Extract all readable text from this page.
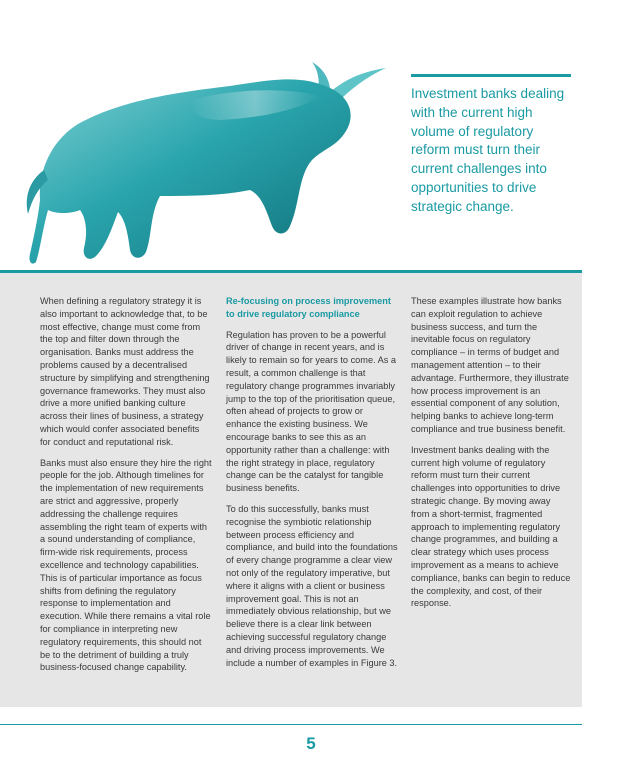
Investment banks dealing with the current high volume of regulatory reform must turn their current challenges into opportunities to drive strategic change.

When defining a regulatory strategy it is also important to acknowledge that, to be most effective, change must come from the top and filter down through the organisation. Banks must address the problems caused by a decentralised structure by simplifying and strengthening governance frameworks. They must also drive a more unified banking culture across their lines of business, a strategy which would confer associated benefits for conduct and reputational risk.

Banks must also ensure they hire the right people for the job. Although timelines for the implementation of new requirements are strict and aggressive, properly addressing the challenge requires assembling the right team of experts with a sound understanding of compliance, firm-wide risk requirements, process excellence and technology capabilities. This is of particular importance as focus shifts from defining the regulatory response to implementation and execution. While there remains a vital role for compliance in interpreting new regulatory requirements, this should not be to the detriment of building a truly business-focused change capability.

Re-focusing on process improvement to drive regulatory compliance

Regulation has proven to be a powerful driver of change in recent years, and is likely to remain so for years to come. As a result, a common challenge is that regulatory change programmes invariably jump to the top of the prioritisation queue, often ahead of projects to grow or enhance the existing business. We encourage banks to see this as an opportunity rather than a challenge: with the right strategy in place, regulatory change can be the catalyst for tangible business benefits.

To do this successfully, banks must recognise the symbiotic relationship between process efficiency and compliance, and build into the foundations of every change programme a clear view not only of the regulatory imperative, but where it aligns with a client or business improvement goal. This is not an immediately obvious relationship, but we believe there is a clear link between achieving successful regulatory change and driving process improvements. We include a number of examples in Figure 3.

These examples illustrate how banks can exploit regulation to achieve business success, and turn the inevitable focus on regulatory compliance – in terms of budget and management attention – to their advantage. Furthermore, they illustrate how process improvement is an essential component of any solution, helping banks to achieve long-term compliance and true business benefit.

Investment banks dealing with the current high volume of regulatory reform must turn their current challenges into opportunities to drive strategic change. By moving away from a short-termist, fragmented approach to implementing regulatory change programmes, and building a clear strategy which uses process improvement as a means to achieve compliance, banks can begin to reduce the complexity, and cost, of their response.

5
